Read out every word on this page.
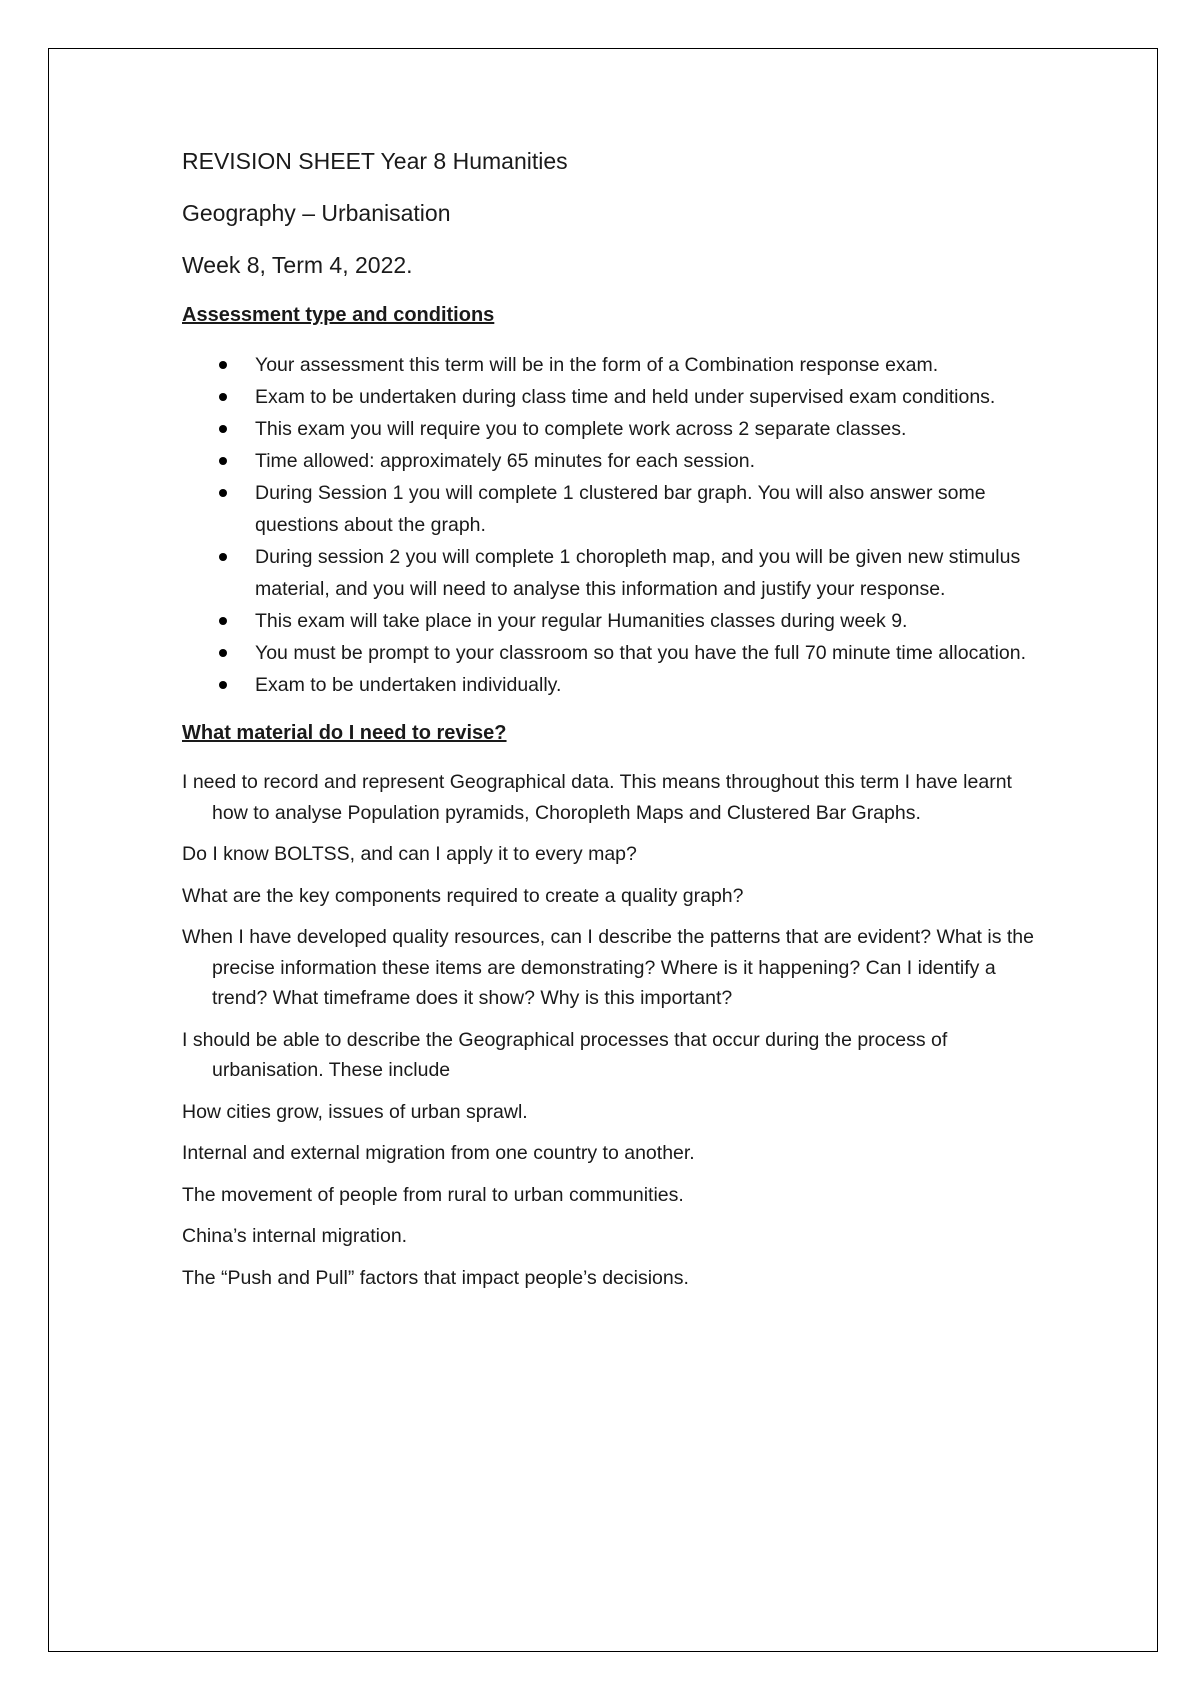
REVISION SHEET Year 8 Humanities
Geography – Urbanisation
Week 8, Term 4, 2022.
Assessment type and conditions
Your assessment this term will be in the form of a Combination response exam.
Exam to be undertaken during class time and held under supervised exam conditions.
This exam you will require you to complete work across 2 separate classes.
Time allowed: approximately 65 minutes for each session.
During Session 1 you will complete 1 clustered bar graph. You will also answer some questions about the graph.
During session 2 you will complete 1 choropleth map, and you will be given new stimulus material, and you will need to analyse this information and justify your response.
This exam will take place in your regular Humanities classes during week 9.
You must be prompt to your classroom so that you have the full 70 minute time allocation.
Exam to be undertaken individually.
What material do I need to revise?

I need to record and represent Geographical data. This means throughout this term I have learnt how to analyse Population pyramids, Choropleth Maps and Clustered Bar Graphs.

Do I know BOLTSS, and can I apply it to every map?

What are the key components required to create a quality graph?

When I have developed quality resources, can I describe the patterns that are evident? What is the precise information these items are demonstrating? Where is it happening? Can I identify a trend? What timeframe does it show? Why is this important?

I should be able to describe the Geographical processes that occur during the process of urbanisation. These include

How cities grow, issues of urban sprawl.

Internal and external migration from one country to another.

The movement of people from rural to urban communities.

China’s internal migration.

The “Push and Pull” factors that impact people’s decisions.
